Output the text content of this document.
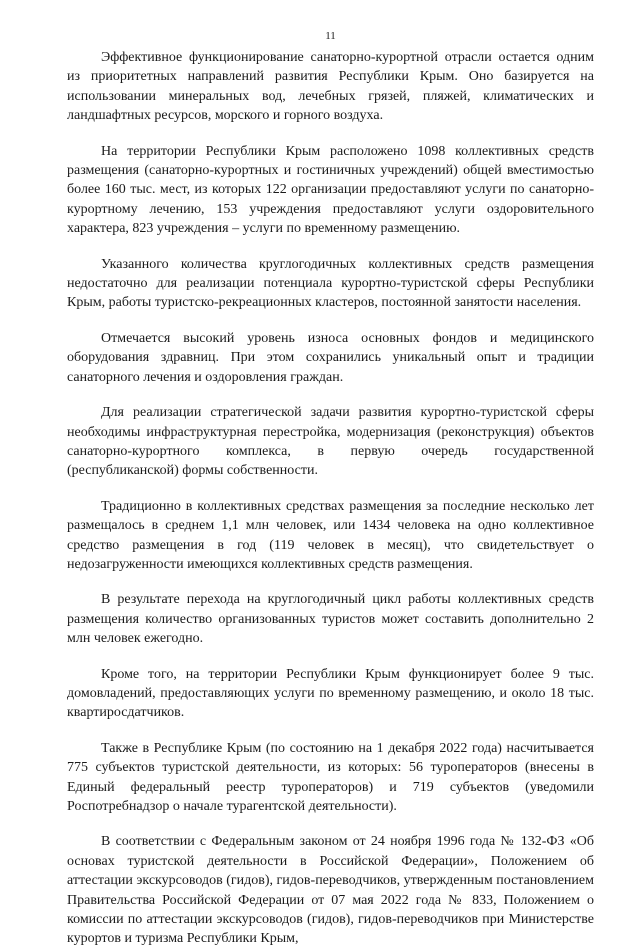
11

Эффективное функционирование санаторно-курортной отрасли остается одним из приоритетных направлений развития Республики Крым. Оно базируется на использовании минеральных вод, лечебных грязей, пляжей, климатических и ландшафтных ресурсов, морского и горного воздуха.

На территории Республики Крым расположено 1098 коллективных средств размещения (санаторно-курортных и гостиничных учреждений) общей вместимостью более 160 тыс. мест, из которых 122 организации предоставляют услуги по санаторно-курортному лечению, 153 учреждения предоставляют услуги оздоровительного характера, 823 учреждения – услуги по временному размещению.

Указанного количества круглогодичных коллективных средств размещения недостаточно для реализации потенциала курортно-туристской сферы Республики Крым, работы туристско-рекреационных кластеров, постоянной занятости населения.

Отмечается высокий уровень износа основных фондов и медицинского оборудования здравниц. При этом сохранились уникальный опыт и традиции санаторного лечения и оздоровления граждан.

Для реализации стратегической задачи развития курортно-туристской сферы необходимы инфраструктурная перестройка, модернизация (реконструкция) объектов санаторно-курортного комплекса, в первую очередь государственной (республиканской) формы собственности.

Традиционно в коллективных средствах размещения за последние несколько лет размещалось в среднем 1,1 млн человек, или 1434 человека на одно коллективное средство размещения в год (119 человек в месяц), что свидетельствует о недозагруженности имеющихся коллективных средств размещения.

В результате перехода на круглогодичный цикл работы коллективных средств размещения количество организованных туристов может составить дополнительно 2 млн человек ежегодно.

Кроме того, на территории Республики Крым функционирует более 9 тыс. домовладений, предоставляющих услуги по временному размещению, и около 18 тыс. квартиросдатчиков.

Также в Республике Крым (по состоянию на 1 декабря 2022 года) насчитывается 775 субъектов туристской деятельности, из которых: 56 туроператоров (внесены в Единый федеральный реестр туроператоров) и 719 субъектов (уведомили Роспотребнадзор о начале турагентской деятельности).

В соответствии с Федеральным законом от 24 ноября 1996 года № 132-ФЗ «Об основах туристской деятельности в Российской Федерации», Положением об аттестации экскурсоводов (гидов), гидов-переводчиков, утвержденным постановлением Правительства Российской Федерации от 07 мая 2022 года № 833, Положением о комиссии по аттестации экскурсоводов (гидов), гидов-переводчиков при Министерстве курортов и туризма Республики Крым,
